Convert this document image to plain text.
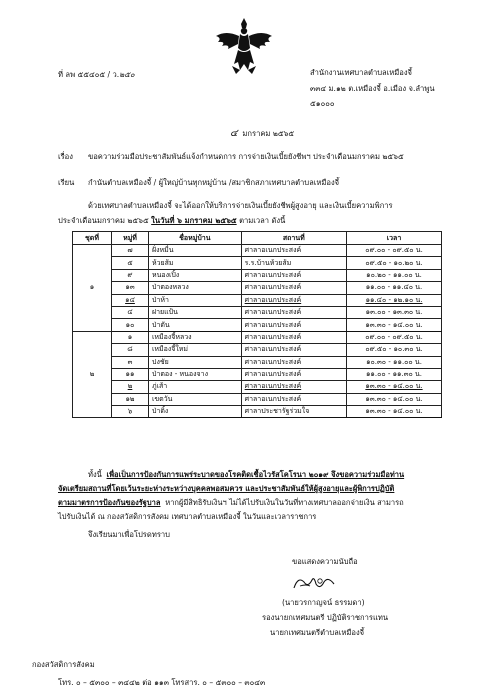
ที่ ลพ ๕๕๔๐๕ / ว.๒๕๐	สำนักงานเทศบาลตำบลเหมืองจี้
๓๓๔ ม.๑๒ ต.เหมืองจี้ อ.เมือง จ.ลำพูน
๕๑๐๐๐
๔ มกราคม ๒๕๖๕
เรื่อง ขอความร่วมมือประชาสัมพันธ์แจ้งกำหนดการ การจ่ายเงินเบี้ยยังชีพฯ ประจำเดือนมกราคม ๒๕๖๕
เรียน กำนันตำบลเหมืองจี้ / ผู้ใหญ่บ้านทุกหมู่บ้าน /สมาชิกสภาเทศบาลตำบลเหมืองจี้
ด้วยเทศบาลตำบลเหมืองจี้ จะได้ออกให้บริการจ่ายเงินเบี้ยยังชีพผู้สูงอายุ และเงินเบี้ยความพิการ
ประจำเดือนมกราคม ๒๕๖๕ ในวันที่ ๖ มกราคม ๒๕๖๕ ตามเวลา ดังนี้
ชุดที่	หมู่ที่	ชื่อหมู่บ้าน	สถานที่	เวลา
๑	๗	ฝั่งหมื่น	ศาลาอเนกประสงค์	๐๙.๐๐ - ๐๙.๕๐ น.
	๕	ห้วยส้ม	ร.ร.บ้านห้วยส้ม	๐๙.๕๐ - ๑๐.๒๐ น.
	๙	หนองเปิ้ง	ศาลาอเนกประสงค์	๑๐.๒๐ - ๑๑.๐๐ น.
	๑๓	ป่าตองหลวง	ศาลาอเนกประสงค์	๑๑.๐๐ - ๑๑.๔๐ น.
	๑๔	ป่าห้า	ศาลาอเนกประสงค์	๑๑.๔๐ - ๑๒.๑๐ น.
	๔	ฝายแป้น	ศาลาอเนกประสงค์	๑๓.๐๐ - ๑๓.๓๐ น.
	๑๐	ป่าตัน	ศาลาอเนกประสงค์	๑๓.๓๐ - ๑๔.๐๐ น.
๒	๑	เหมืองจี้หลวง	ศาลาอเนกประสงค์	๐๙.๐๐ - ๐๙.๕๐ น.
	๘	เหมืองจี้ใหม่	ศาลาอเนกประสงค์	๐๙.๕๐ - ๑๐.๓๐ น.
	๓	ปงชัย	ศาลาอเนกประสงค์	๑๐.๓๐ - ๑๑.๐๐ น.
	๑๑	ป่าตอง - หนองจาง	ศาลาอเนกประสงค์	๑๑.๐๐ - ๑๑.๓๐ น.
	๒	ภู่เส้า	ศาลาอเนกประสงค์	๑๓.๓๐ - ๑๔.๐๐ น.
	๑๒	เขตวัน	ศาลาอเนกประสงค์	๑๓.๓๐ - ๑๔.๐๐ น.
	๖	ป่าติ้ง	ศาลาประชารัฐร่วมใจ	๑๓.๓๐ - ๑๔.๐๐ น.
ทั้งนี้ เพื่อเป็นการป้องกันการแพร่ระบาดของโรคติดเชื้อไวรัสโคโรนา ๒๐๑๙ จึงขอความร่วมมือท่าน
จัดเตรียมสถานที่โดยเว้นระยะห่างระหว่างบุคคลพอสมควร และประชาสัมพันธ์ให้ผู้สูงอายุและผู้พิการปฏิบัติ
ตามมาตรการป้องกันของรัฐบาล หากผู้มีสิทธิรับเงินฯ ไม่ได้ไปรับเงินในวันที่ทางเทศบาลออกจ่ายเงิน สามารถ
ไปรับเงินได้ ณ กองสวัสดิการสังคม เทศบาลตำบลเหมืองจี้ ในวันและเวลาราชการ
จึงเรียนมาเพื่อโปรดทราบ
ขอแสดงความนับถือ
(นายวรกาญจน์ ธรรมดา)
รองนายกเทศมนตรี ปฏิบัติราชการแทน
นายกเทศมนตรีตำบลเหมืองจี้
กองสวัสดิการสังคม
โทร. ๐ – ๕๓๐๐ – ๓๔๔๒ ต่อ ๑๑๓ โทรสาร. ๐ – ๕๓๐๐ – ๓๐๔๓
